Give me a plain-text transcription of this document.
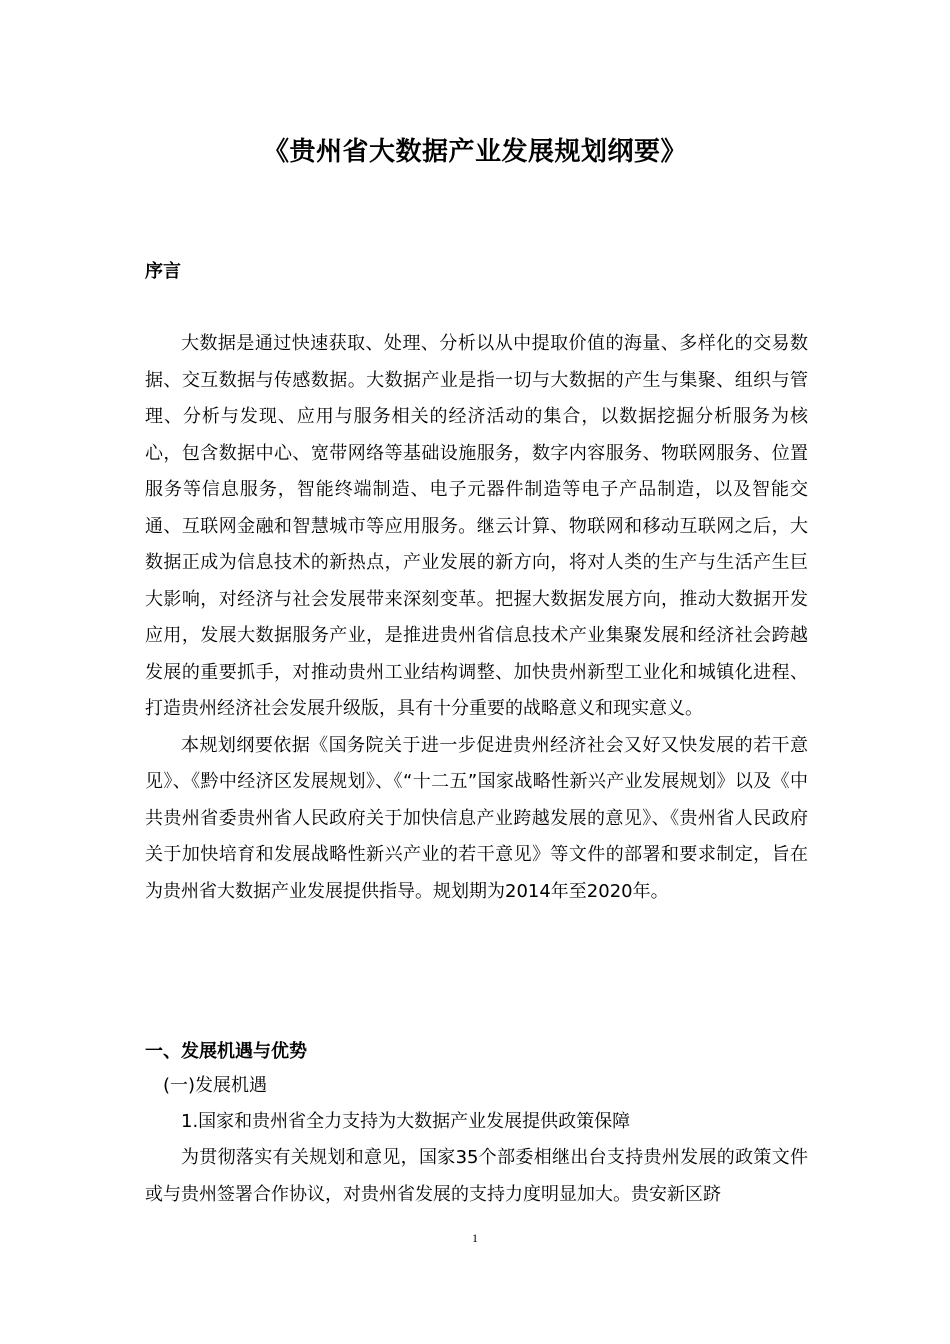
《贵州省大数据产业发展规划纲要》
序言

大数据是通过快速获取、处理、分析以从中提取价值的海量、多样化的交易数据、交互数据与传感数据。大数据产业是指一切与大数据的产生与集聚、组织与管理、分析与发现、应用与服务相关的经济活动的集合，以数据挖掘分析服务为核心，包含数据中心、宽带网络等基础设施服务，数字内容服务、物联网服务、位置服务等信息服务，智能终端制造、电子元器件制造等电子产品制造，以及智能交通、互联网金融和智慧城市等应用服务。继云计算、物联网和移动互联网之后，大数据正成为信息技术的新热点，产业发展的新方向，将对人类的生产与生活产生巨大影响，对经济与社会发展带来深刻变革。把握大数据发展方向，推动大数据开发应用，发展大数据服务产业，是推进贵州省信息技术产业集聚发展和经济社会跨越发展的重要抓手，对推动贵州工业结构调整、加快贵州新型工业化和城镇化进程、打造贵州经济社会发展升级版，具有十分重要的战略意义和现实意义。

本规划纲要依据《国务院关于进一步促进贵州经济社会又好又快发展的若干意见》、《黔中经济区发展规划》、《“十二五”国家战略性新兴产业发展规划》以及《中共贵州省委贵州省人民政府关于加快信息产业跨越发展的意见》、《贵州省人民政府关于加快培育和发展战略性新兴产业的若干意见》等文件的部署和要求制定，旨在为贵州省大数据产业发展提供指导。规划期为2014年至2020年。

一、发展机遇与优势

(一)发展机遇

1.国家和贵州省全力支持为大数据产业发展提供政策保障

为贯彻落实有关规划和意见，国家35个部委相继出台支持贵州发展的政策文件或与贵州签署合作协议，对贵州省发展的支持力度明显加大。贵安新区跻

1
